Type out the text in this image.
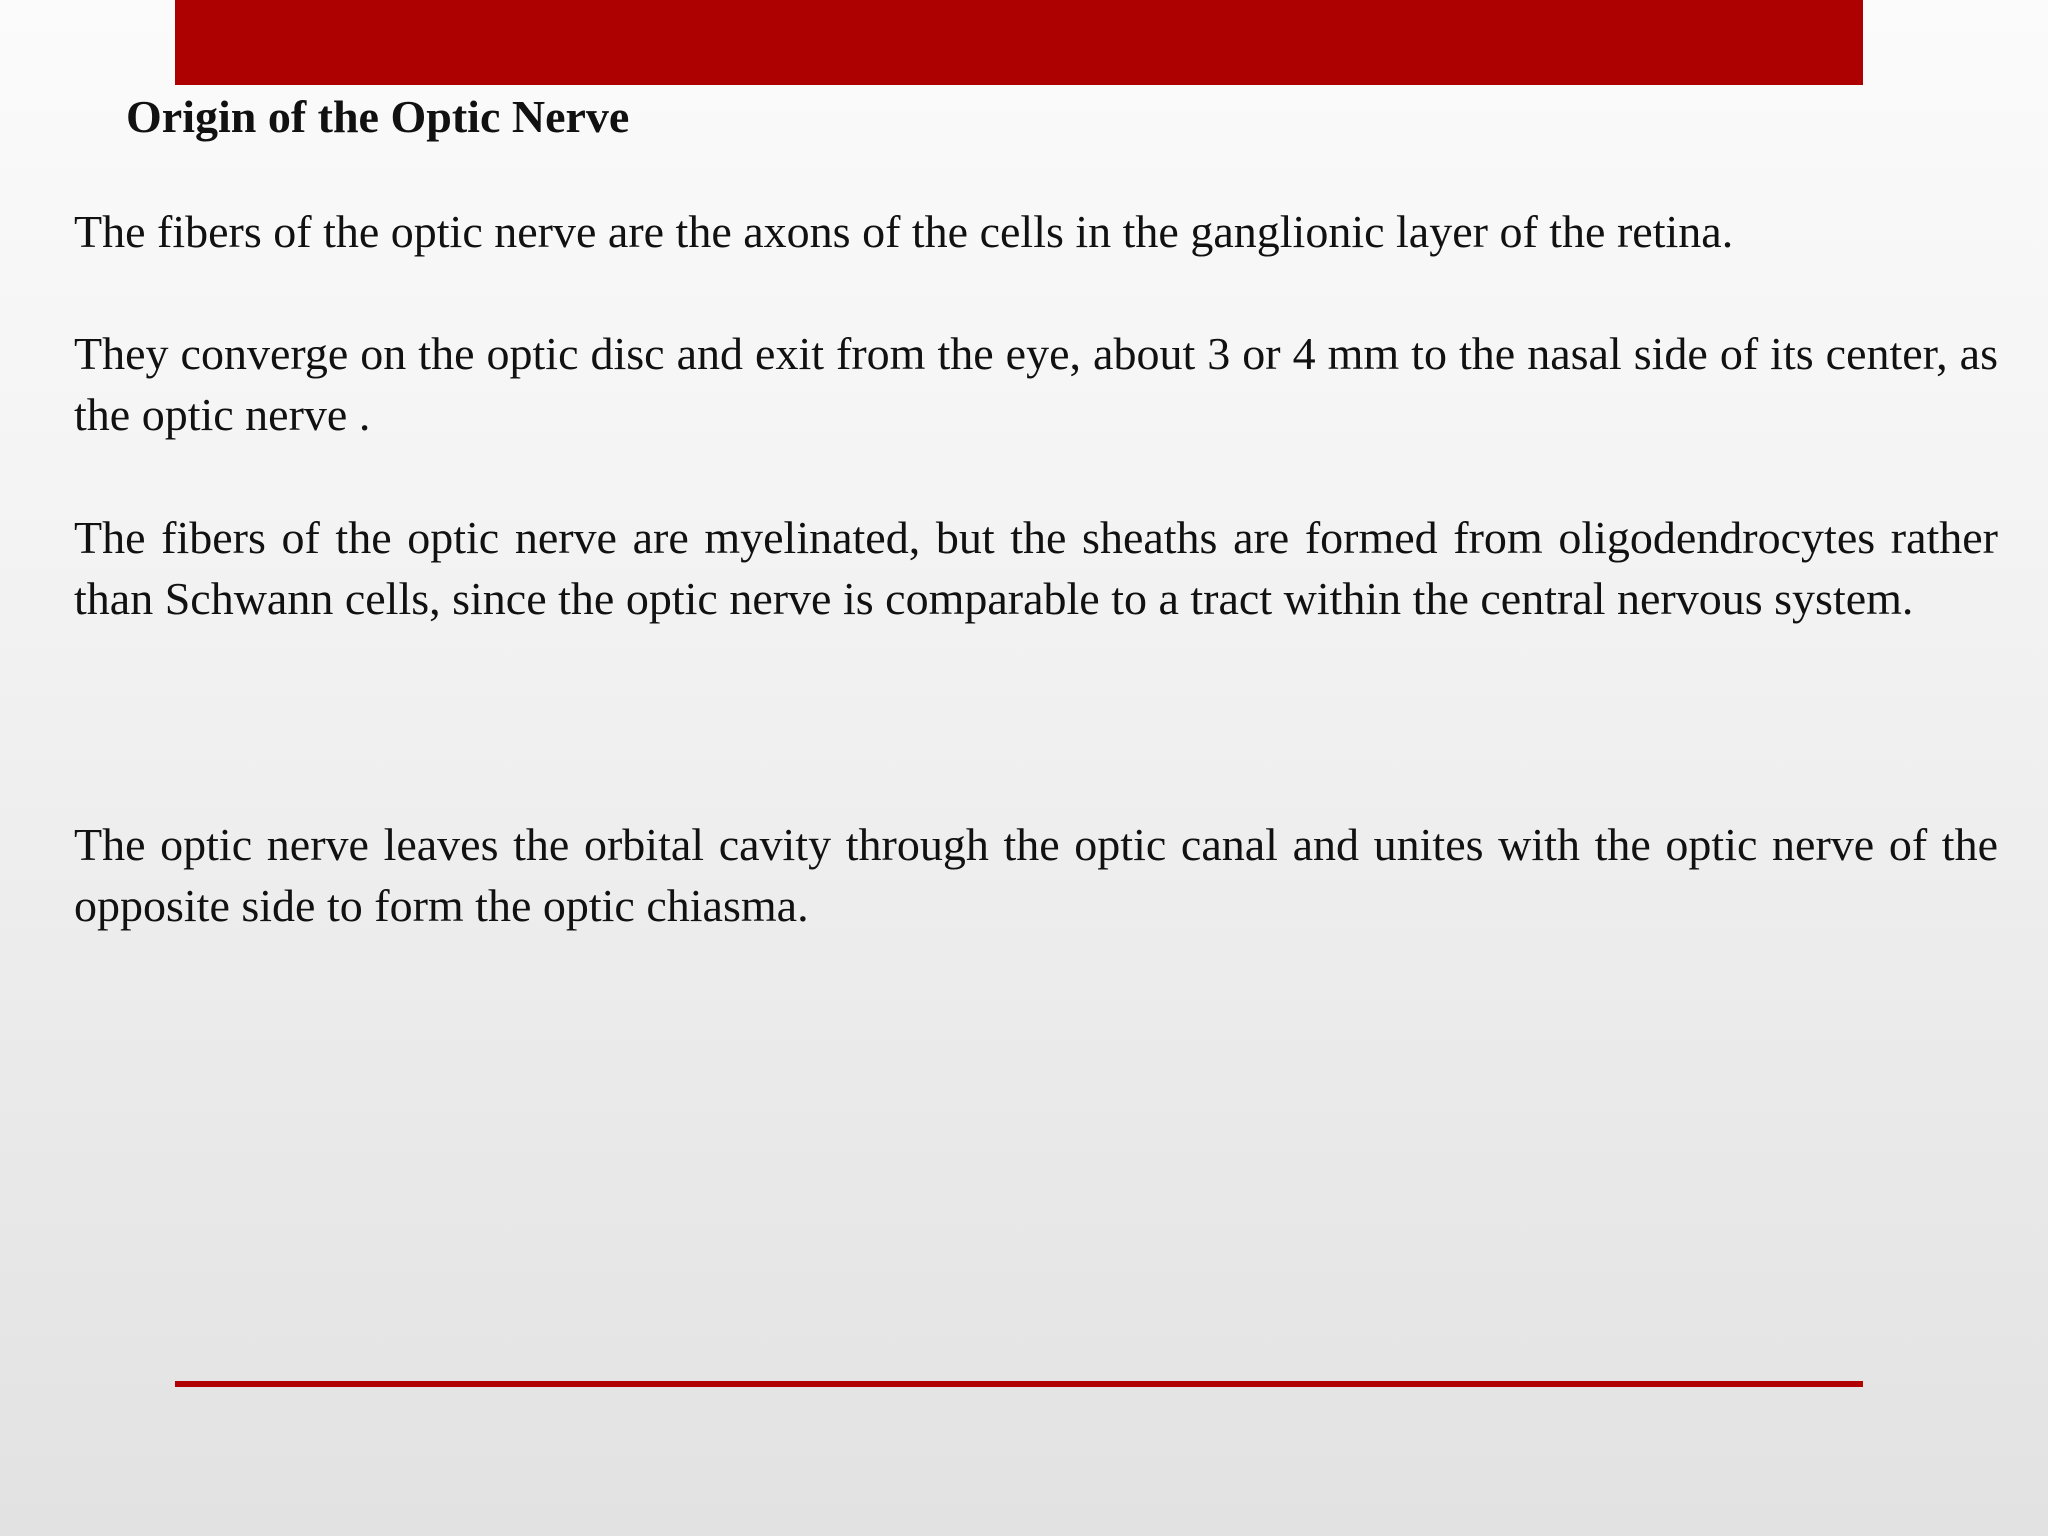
Origin of the Optic Nerve

The fibers of the optic nerve are the axons of the cells in the ganglionic layer of the retina.

They converge on the optic disc and exit from the eye, about 3 or 4 mm to the nasal side of its center, as the optic nerve .

The fibers of the optic nerve are myelinated, but the sheaths are formed from oligodendrocytes rather than Schwann cells, since the optic nerve is comparable to a tract within the central nervous system.

The optic nerve leaves the orbital cavity through the optic canal and unites with the optic nerve of the opposite side to form the optic chiasma.
